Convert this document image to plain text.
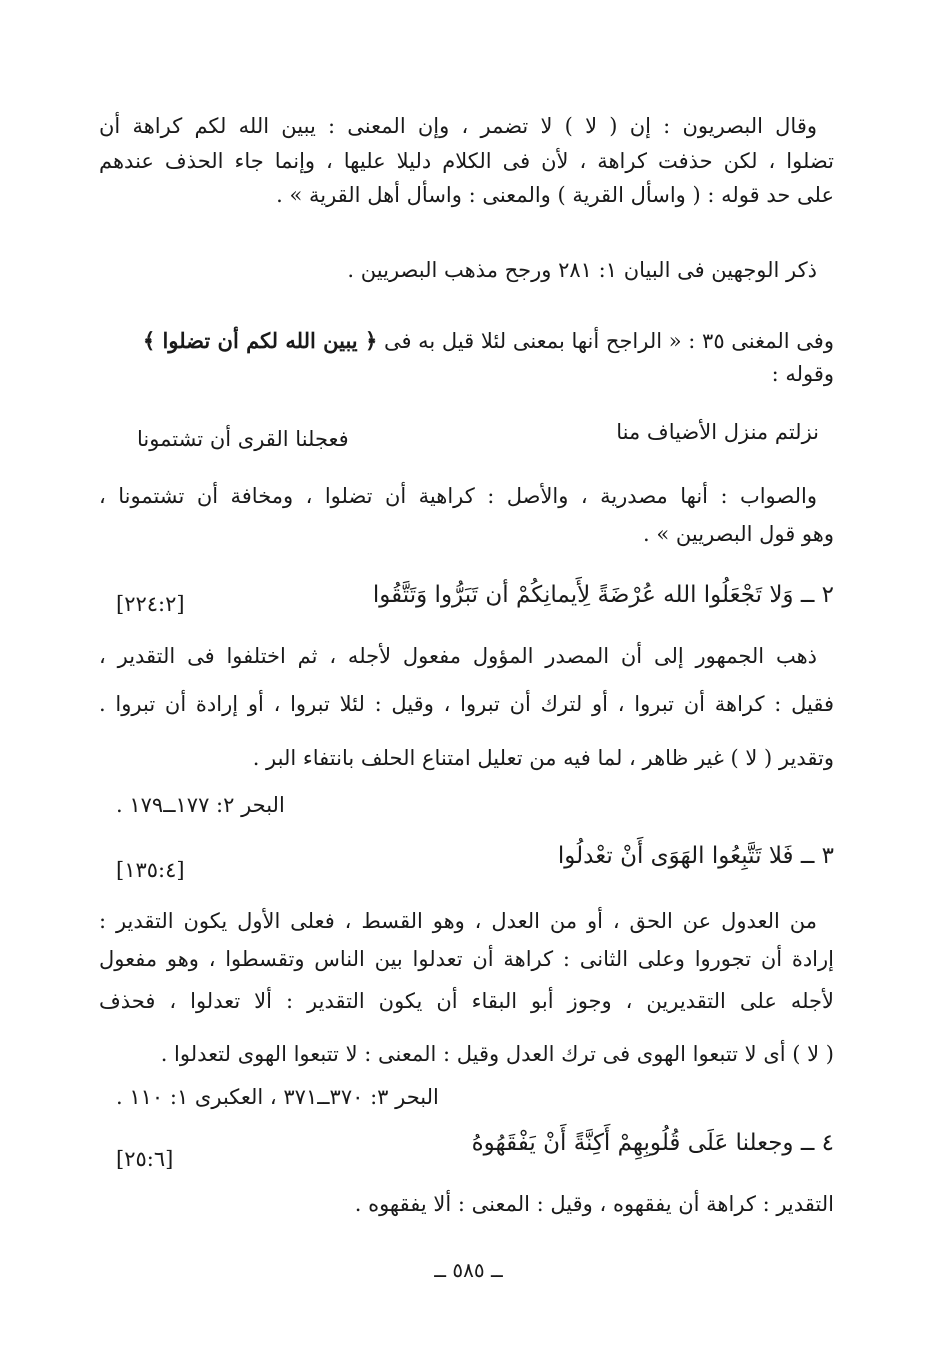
وقال البصريون : إن ( لا ) لا تضمر ، وإن المعنى : يبين الله لكم كراهة أن
تضلوا ، لكن حذفت كراهة ، لأن فى الكلام دليلا عليها ، وإنما جاء الحذف عندهم
على حد قوله : ( واسأل القرية ) والمعنى : واسأل أهل القرية » .
ذكر الوجهين فى البيان ١: ٢٨١ ورجح مذهب البصريين .
وفى المغنى ٣٥ : « الراجح أنها بمعنى لئلا قيل به فى ﴿ يبين الله لكم أن تضلوا ﴾
وقوله :
نزلتم منزل الأضياف منا
فعجلنا القرى أن تشتمونا
والصواب : أنها مصدرية ، والأصل : كراهية أن تضلوا ، ومخافة أن تشتمونا ،
وهو قول البصريين » .
٢ ــ وَلا تَجْعَلُوا الله عُرْضَةً لِأَيمانِكُمْ أن تَبَرُّوا وَتَتَّقُوا
[٢٢٤:٢]
ذهب الجمهور إلى أن المصدر المؤول مفعول لأجله ، ثم اختلفوا فى التقدير ،
فقيل : كراهة أن تبروا ، أو لترك أن تبروا ، وقيل : لئلا تبروا ، أو إرادة أن تبروا .
وتقدير ( لا ) غير ظاهر ، لما فيه من تعليل امتناع الحلف بانتفاء البر .
البحر ٢: ١٧٧ــ١٧٩ .
٣ ــ فَلا تَتَّبِعُوا الهَوَى أَنْ تعْدلُوا
[١٣٥:٤]
من العدول عن الحق ، أو من العدل ، وهو القسط ، فعلى الأول يكون التقدير :
إرادة أن تجوروا وعلى الثانى : كراهة أن تعدلوا بين الناس وتقسطوا ، وهو مفعول
لأجله على التقديرين ، وجوز أبو البقاء أن يكون التقدير : ألا تعدلوا ، فحذف
( لا ) أى لا تتبعوا الهوى فى ترك العدل وقيل : المعنى : لا تتبعوا الهوى لتعدلوا .
البحر ٣: ٣٧٠ــ٣٧١ ، العكبرى ١: ١١٠ .
٤ ــ وجعلنا عَلَى قُلُوبِهِمْ أَكِنَّةً أَنْ يَفْقَهُوهُ
[٢٥:٦]
التقدير : كراهة أن يفقهوه ، وقيل : المعنى : ألا يفقهوه .
ــ ٥٨٥ ــ
